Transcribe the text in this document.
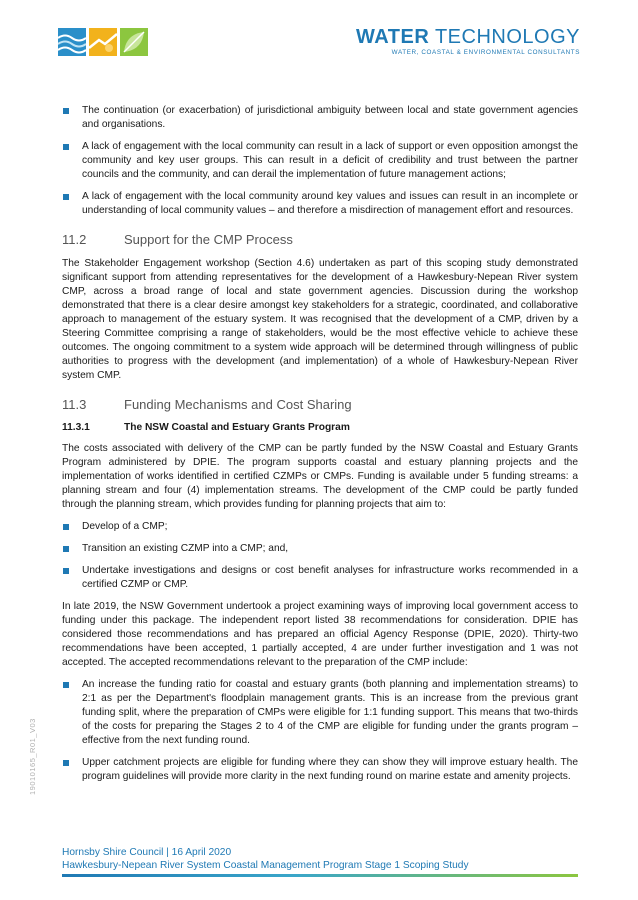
WATER TECHNOLOGY
WATER, COASTAL & ENVIRONMENTAL CONSULTANTS
The continuation (or exacerbation) of jurisdictional ambiguity between local and state government agencies and organisations.
A lack of engagement with the local community can result in a lack of support or even opposition amongst the community and key user groups. This can result in a deficit of credibility and trust between the partner councils and the community, and can derail the implementation of future management actions;
A lack of engagement with the local community around key values and issues can result in an incomplete or understanding of local community values – and therefore a misdirection of management effort and resources.
11.2	Support for the CMP Process

The Stakeholder Engagement workshop (Section 4.6) undertaken as part of this scoping study demonstrated significant support from attending representatives for the development of a Hawkesbury-Nepean River system CMP, across a broad range of local and state government agencies. Discussion during the workshop demonstrated that there is a clear desire amongst key stakeholders for a strategic, coordinated, and collaborative approach to management of the estuary system. It was recognised that the development of a CMP, driven by a Steering Committee comprising a range of stakeholders, would be the most effective vehicle to achieve these outcomes. The ongoing commitment to a system wide approach will be determined through willingness of public authorities to progress with the development (and implementation) of a whole of Hawkesbury-Nepean River system CMP.

11.3	Funding Mechanisms and Cost Sharing
11.3.1	The NSW Coastal and Estuary Grants Program

The costs associated with delivery of the CMP can be partly funded by the NSW Coastal and Estuary Grants Program administered by DPIE. The program supports coastal and estuary planning projects and the implementation of works identified in certified CZMPs or CMPs. Funding is available under 5 funding streams: a planning stream and four (4) implementation streams. The development of the CMP could be partly funded through the planning stream, which provides funding for planning projects that aim to:

Develop of a CMP;
Transition an existing CZMP into a CMP; and,
Undertake investigations and designs or cost benefit analyses for infrastructure works recommended in a certified CZMP or CMP.

In late 2019, the NSW Government undertook a project examining ways of improving local government access to funding under this package. The independent report listed 38 recommendations for consideration. DPIE has considered those recommendations and has prepared an official Agency Response (DPIE, 2020). Thirty-two recommendations have been accepted, 1 partially accepted, 4 are under further investigation and 1 was not accepted. The accepted recommendations relevant to the preparation of the CMP include:

An increase the funding ratio for coastal and estuary grants (both planning and implementation streams) to 2:1 as per the Department's floodplain management grants. This is an increase from the previous grant funding split, where the preparation of CMPs were eligible for 1:1 funding support. This means that two-thirds of the costs for preparing the Stages 2 to 4 of the CMP are eligible for funding under the grants program – effective from the next funding round.
Upper catchment projects are eligible for funding where they can show they will improve estuary health. The program guidelines will provide more clarity in the next funding round on marine estate and amenity projects.
19010165_R01_V03
Hornsby Shire Council | 16 April 2020
Hawkesbury-Nepean River System Coastal Management Program Stage 1 Scoping Study
